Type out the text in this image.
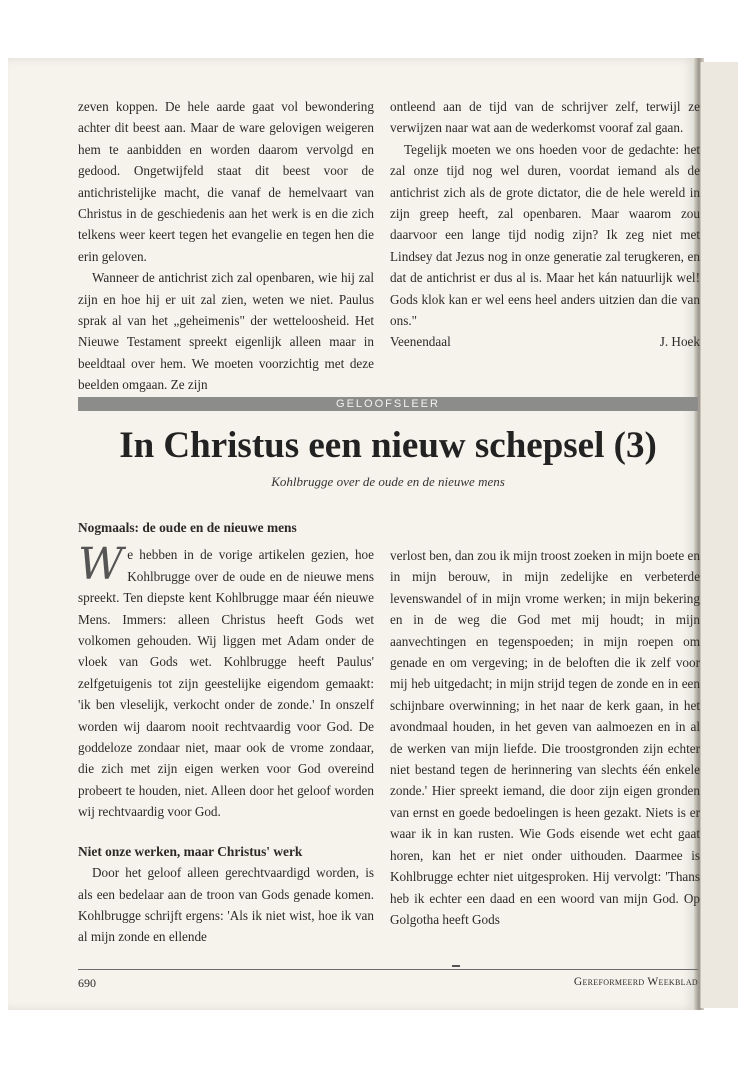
zeven koppen. De hele aarde gaat vol bewondering achter dit beest aan. Maar de ware gelovigen weigeren hem te aanbidden en worden daarom vervolgd en gedood. Ongetwijfeld staat dit beest voor de antichristelijke macht, die vanaf de hemelvaart van Christus in de geschiedenis aan het werk is en die zich telkens weer keert tegen het evangelie en tegen hen die erin geloven.

Wanneer de antichrist zich zal openbaren, wie hij zal zijn en hoe hij er uit zal zien, weten we niet. Paulus sprak al van het „geheimenis" der wetteloosheid. Het Nieuwe Testament spreekt eigenlijk alleen maar in beeldtaal over hem. We moeten voorzichtig met deze beelden omgaan. Ze zijn

ontleend aan de tijd van de schrijver zelf, terwijl ze verwijzen naar wat aan de wederkomst vooraf zal gaan.

Tegelijk moeten we ons hoeden voor de gedachte: het zal onze tijd nog wel duren, voordat iemand als de antichrist zich als de grote dictator, die de hele wereld in zijn greep heeft, zal openbaren. Maar waarom zou daarvoor een lange tijd nodig zijn? Ik zeg niet met Lindsey dat Jezus nog in onze generatie zal terugkeren, en dat de antichrist er dus al is. Maar het kán natuurlijk wel! Gods klok kan er wel eens heel anders uitzien dan die van ons."

Veenendaal	J. Hoek
GELOOFSLEER
In Christus een nieuw schepsel (3)
Kohlbrugge over de oude en de nieuwe mens

Nogmaals: de oude en de nieuwe mens

We hebben in de vorige artikelen gezien, hoe Kohlbrugge over de oude en de nieuwe mens spreekt. Ten diepste kent Kohlbrugge maar één nieuwe Mens. Immers: alleen Christus heeft Gods wet volkomen gehouden. Wij liggen met Adam onder de vloek van Gods wet. Kohlbrugge heeft Paulus' zelfgetuigenis tot zijn geestelijke eigendom gemaakt: 'ik ben vleselijk, verkocht onder de zonde.' In onszelf worden wij daarom nooit rechtvaardig voor God. De goddeloze zondaar niet, maar ook de vrome zondaar, die zich met zijn eigen werken voor God overeind probeert te houden, niet. Alleen door het geloof worden wij rechtvaardig voor God.

Niet onze werken, maar Christus' werk

Door het geloof alleen gerechtvaardigd worden, is als een bedelaar aan de troon van Gods genade komen. Kohlbrugge schrijft ergens: 'Als ik niet wist, hoe ik van al mijn zonde en ellende

verlost ben, dan zou ik mijn troost zoeken in mijn boete en in mijn berouw, in mijn zedelijke en verbeterde levenswandel of in mijn vrome werken; in mijn bekering en in de weg die God met mij houdt; in mijn aanvechtingen en tegenspoeden; in mijn roepen om genade en om vergeving; in de beloften die ik zelf voor mij heb uitgedacht; in mijn strijd tegen de zonde en in een schijnbare overwinning; in het naar de kerk gaan, in het avondmaal houden, in het geven van aalmoezen en in al de werken van mijn liefde. Die troostgronden zijn echter niet bestand tegen de herinnering van slechts één enkele zonde.' Hier spreekt iemand, die door zijn eigen gronden van ernst en goede bedoelingen is heen gezakt. Niets is er waar ik in kan rusten. Wie Gods eisende wet echt gaat horen, kan het er niet onder uithouden. Daarmee is Kohlbrugge echter niet uitgesproken. Hij vervolgt: 'Thans heb ik echter een daad en een woord van mijn God. Op Golgotha heeft Gods

690	Gereformeerd Weekblad
